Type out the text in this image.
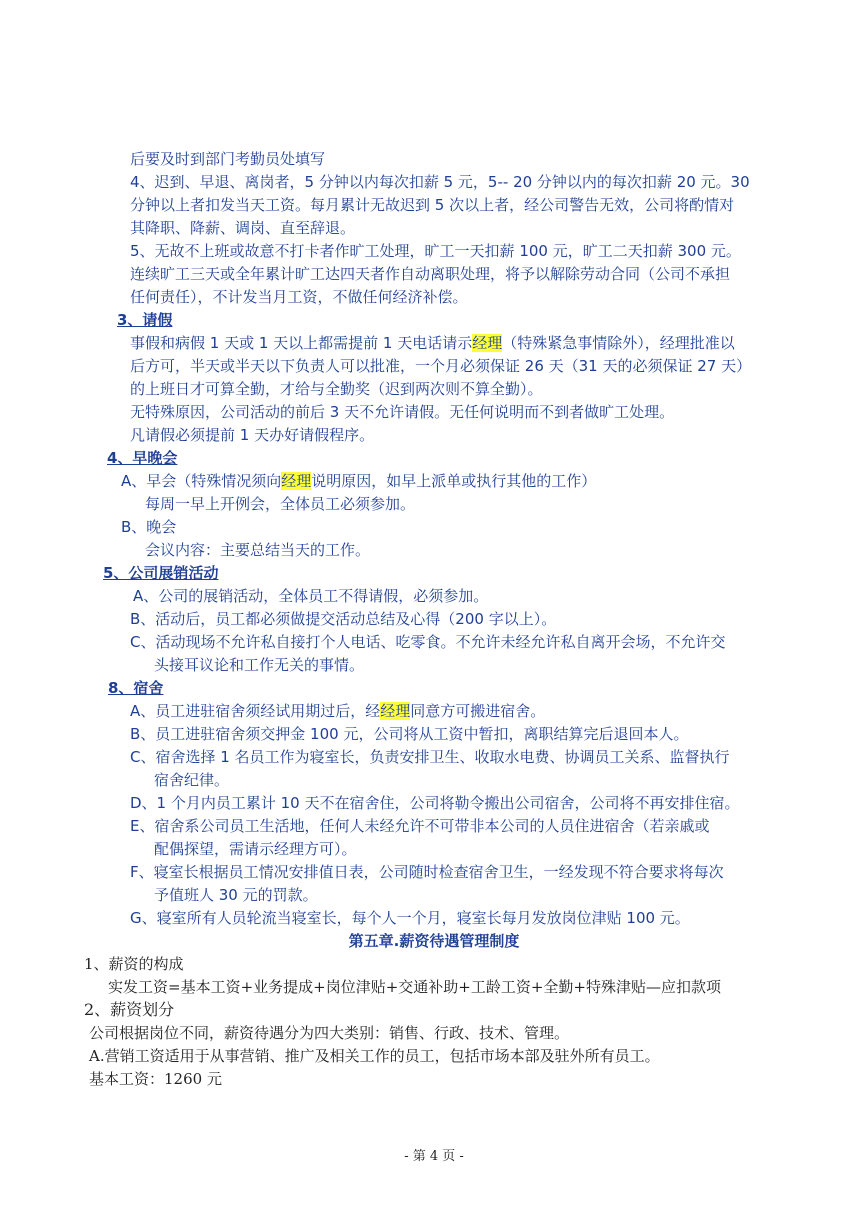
后要及时到部门考勤员处填写
4、迟到、早退、离岗者，5 分钟以内每次扣薪 5 元，5-- 20 分钟以内的每次扣薪 20 元。30
分钟以上者扣发当天工资。每月累计无故迟到 5 次以上者，经公司警告无效，公司将酌情对
其降职、降薪、调岗、直至辞退。
5、无故不上班或故意不打卡者作旷工处理，旷工一天扣薪 100 元，旷工二天扣薪 300 元。
连续旷工三天或全年累计旷工达四天者作自动离职处理，将予以解除劳动合同（公司不承担
任何责任），不计发当月工资，不做任何经济补偿。
3、请假
事假和病假 1 天或 1 天以上都需提前 1 天电话请示经理（特殊紧急事情除外），经理批准以
后方可，半天或半天以下负责人可以批准，一个月必须保证 26 天（31 天的必须保证 27 天）
的上班日才可算全勤，才给与全勤奖（迟到两次则不算全勤）。
无特殊原因，公司活动的前后 3 天不允许请假。无任何说明而不到者做旷工处理。
凡请假必须提前 1 天办好请假程序。
4、早晚会
A、早会（特殊情况须向经理说明原因，如早上派单或执行其他的工作）
每周一早上开例会，全体员工必须参加。
B、晚会
会议内容：主要总结当天的工作。
5、公司展销活动
A、公司的展销活动，全体员工不得请假，必须参加。
B、活动后，员工都必须做提交活动总结及心得（200 字以上）。
C、活动现场不允许私自接打个人电话、吃零食。不允许未经允许私自离开会场，不允许交
头接耳议论和工作无关的事情。
8、宿舍
A、员工进驻宿舍须经试用期过后，经经理同意方可搬进宿舍。
B、员工进驻宿舍须交押金 100 元，公司将从工资中暂扣，离职结算完后退回本人。
C、宿舍选择 1 名员工作为寝室长，负责安排卫生、收取水电费、协调员工关系、监督执行
宿舍纪律。
D、1 个月内员工累计 10 天不在宿舍住，公司将勒令搬出公司宿舍，公司将不再安排住宿。
E、宿舍系公司员工生活地，任何人未经允许不可带非本公司的人员住进宿舍（若亲戚或
配偶探望，需请示经理方可）。
F、寝室长根据员工情况安排值日表，公司随时检查宿舍卫生，一经发现不符合要求将每次
予值班人 30 元的罚款。
G、寝室所有人员轮流当寝室长，每个人一个月，寝室长每月发放岗位津贴 100 元。
第五章.薪资待遇管理制度
1、薪资的构成
实发工资=基本工资+业务提成+岗位津贴+交通补助+工龄工资+全勤+特殊津贴—应扣款项
2、薪资划分
公司根据岗位不同，薪资待遇分为四大类别：销售、行政、技术、管理。
A.营销工资适用于从事营销、推广及相关工作的员工，包括市场本部及驻外所有员工。
基本工资：1260 元
- 第 4 页 -
